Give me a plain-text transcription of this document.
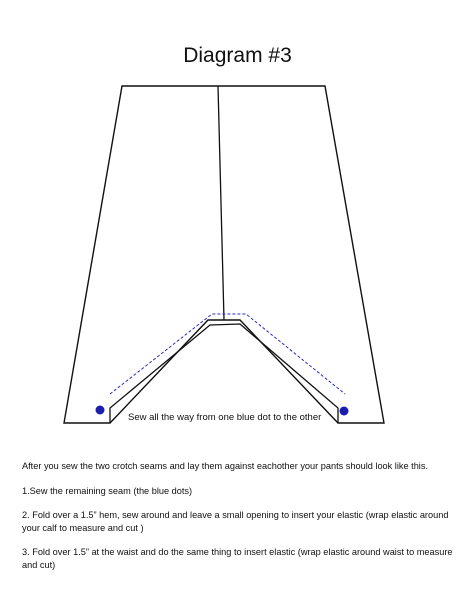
Diagram #3
Sew all the way from one blue dot to the other

After you sew the two crotch seams and lay them against eachother your pants should look like this.

1.Sew the remaining seam (the blue dots)

2. Fold over a 1.5” hem, sew around and leave a small opening to insert your elastic (wrap elastic around your calf to measure and cut )

3. Fold over 1.5” at the waist and do the same thing to insert elastic (wrap elastic around waist to measure and cut)
